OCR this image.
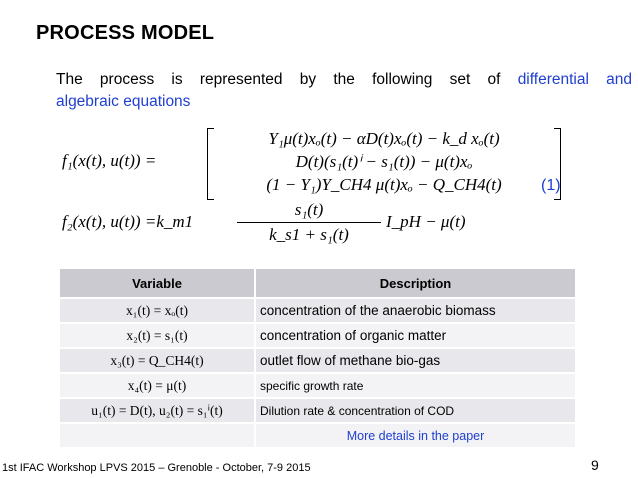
PROCESS MODEL
The process is represented by the following set of differential and
algebraic equations
f₁(x(t), u(t)) =
Y₁μ(t)xₒ(t) − αD(t)xₒ(t) − k_d xₒ(t)
D(t)(s₁(t)ⁱ − s₁(t)) − μ(t)xₒ
(1 − Y₁)Y_CH4 μ(t)xₒ − Q_CH4(t)	(1)
f₂(x(t), u(t)) =k_m1
s₁(t)
k_s1 + s₁(t)
I_pH − μ(t)
Variable	Description
x₁(t) = xₒ(t)	concentration of the anaerobic biomass
x₂(t) = s₁(t)	concentration of organic matter
x₃(t) = Q_CH4(t)	outlet flow of methane bio-gas
x₄(t) = μ(t)	specific growth rate
u₁(t) = D(t), u₂(t) = s₁ⁱ(t)	Dilution rate & concentration of COD
	More details in the paper
1st IFAC Workshop LPVS 2015 – Grenoble - October, 7-9 2015	9
